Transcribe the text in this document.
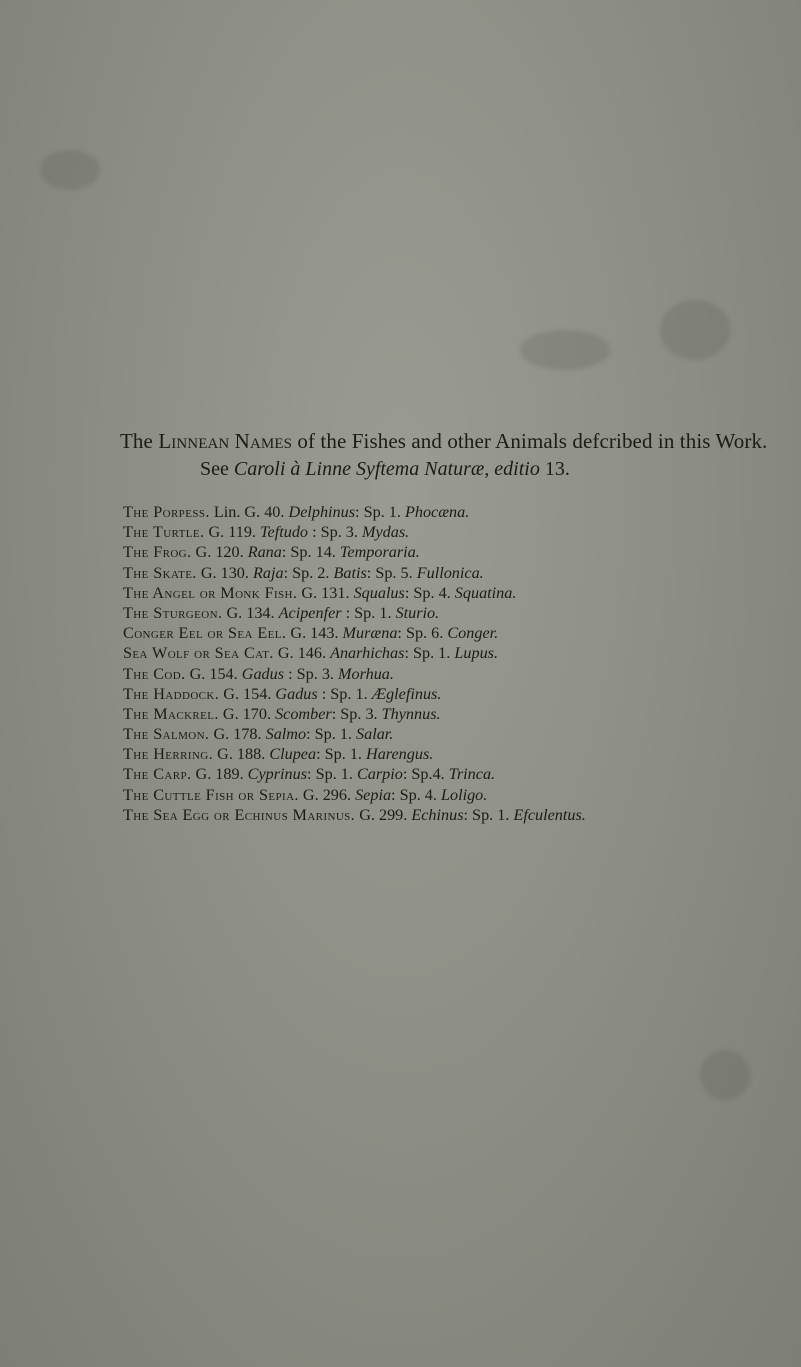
The Linnean Names of the Fishes and other Animals defcribed in this Work.
See Caroli à Linne Syftema Naturæ, editio 13.
The Porpess. Lin. G. 40. Delphinus: Sp. 1. Phocæna.
The Turtle. G. 119. Teftudo : Sp. 3. Mydas.
The Frog. G. 120. Rana: Sp. 14. Temporaria.
The Skate. G. 130. Raja: Sp. 2. Batis: Sp. 5. Fullonica.
The Angel or Monk Fish. G. 131. Squalus: Sp. 4. Squatina.
The Sturgeon. G. 134. Acipenfer : Sp. 1. Sturio.
Conger Eel or Sea Eel. G. 143. Muræna: Sp. 6. Conger.
Sea Wolf or Sea Cat. G. 146. Anarhichas: Sp. 1. Lupus.
The Cod. G. 154. Gadus : Sp. 3. Morhua.
The Haddock. G. 154. Gadus : Sp. 1. Æglefinus.
The Mackrel. G. 170. Scomber: Sp. 3. Thynnus.
The Salmon. G. 178. Salmo: Sp. 1. Salar.
The Herring. G. 188. Clupea: Sp. 1. Harengus.
The Carp. G. 189. Cyprinus: Sp. 1. Carpio: Sp.4. Trinca.
The Cuttle Fish or Sepia. G. 296. Sepia: Sp. 4. Loligo.
The Sea Egg or Echinus Marinus. G. 299. Echinus: Sp. 1. Efculentus.
